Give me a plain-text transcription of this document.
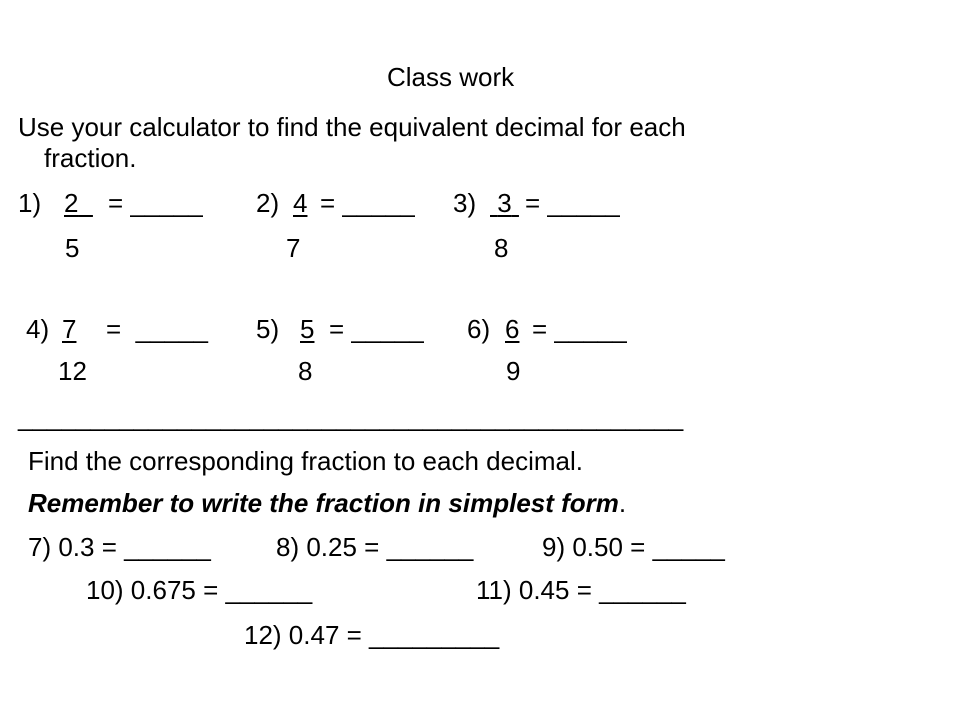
Class work
Use your calculator to find the equivalent decimal for each
fraction.
1) 2	= _____
5
2) 4 = _____
7
3) 3 = _____
8
4) 7 =  _____
12
5) 5 = _____
8
6) 6 = _____
9
______________________________________________
Find the corresponding fraction to each decimal.
Remember to write the fraction in simplest form.
7) 0.3 = ______	8) 0.25 = ______	9) 0.50 = _____
10) 0.675 = ______	11) 0.45 = ______
12) 0.47 = _________
